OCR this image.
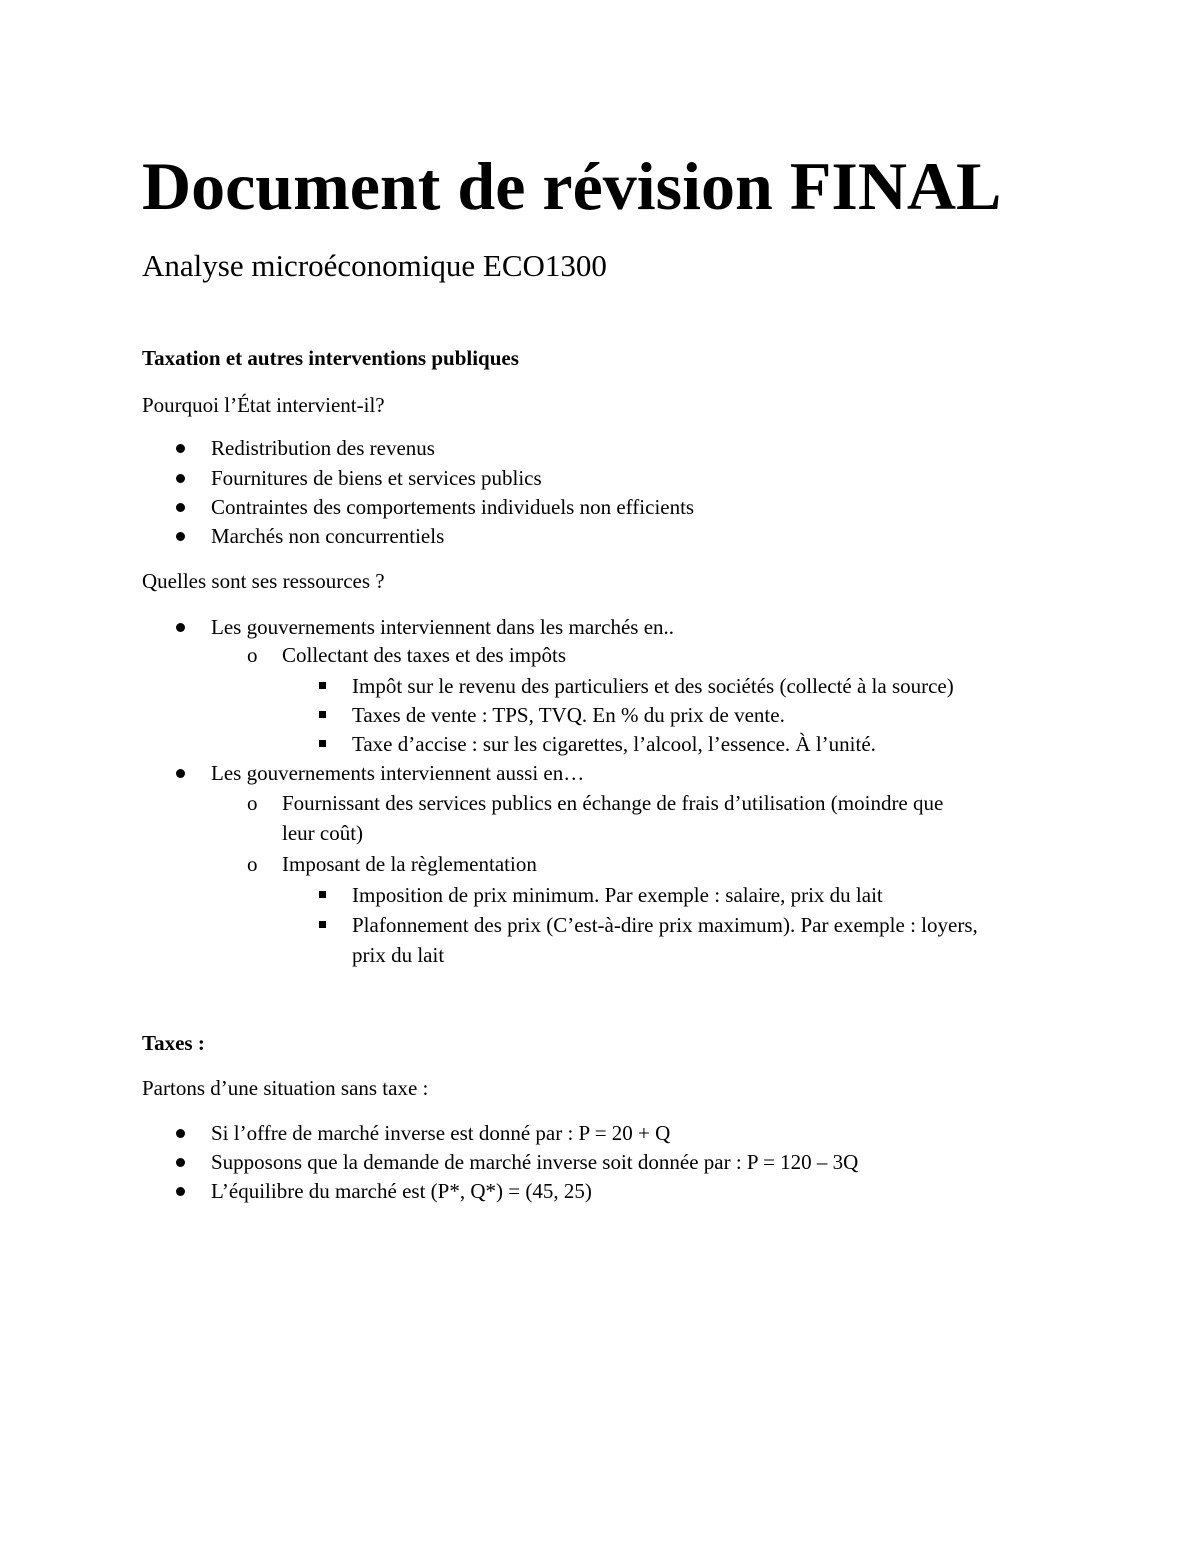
Document de révision FINAL

Analyse microéconomique ECO1300

Taxation et autres interventions publiques

Pourquoi l’État intervient-il?

Redistribution des revenus

Fournitures de biens et services publics

Contraintes des comportements individuels non efficients

Marchés non concurrentiels

Quelles sont ses ressources ?

Les gouvernements interviennent dans les marchés en..

o Collectant des taxes et des impôts

Impôt sur le revenu des particuliers et des sociétés (collecté à la source)

Taxes de vente : TPS, TVQ. En % du prix de vente.

Taxe d’accise : sur les cigarettes, l’alcool, l’essence. À l’unité.

Les gouvernements interviennent aussi en…

o Fournissant des services publics en échange de frais d’utilisation (moindre que

leur coût)

o Imposant de la règlementation

Imposition de prix minimum. Par exemple : salaire, prix du lait

Plafonnement des prix (C’est-à-dire prix maximum). Par exemple : loyers,

prix du lait

Taxes :

Partons d’une situation sans taxe :

Si l’offre de marché inverse est donné par : P = 20 + Q

Supposons que la demande de marché inverse soit donnée par : P = 120 – 3Q

L’équilibre du marché est (P*, Q*) = (45, 25)
